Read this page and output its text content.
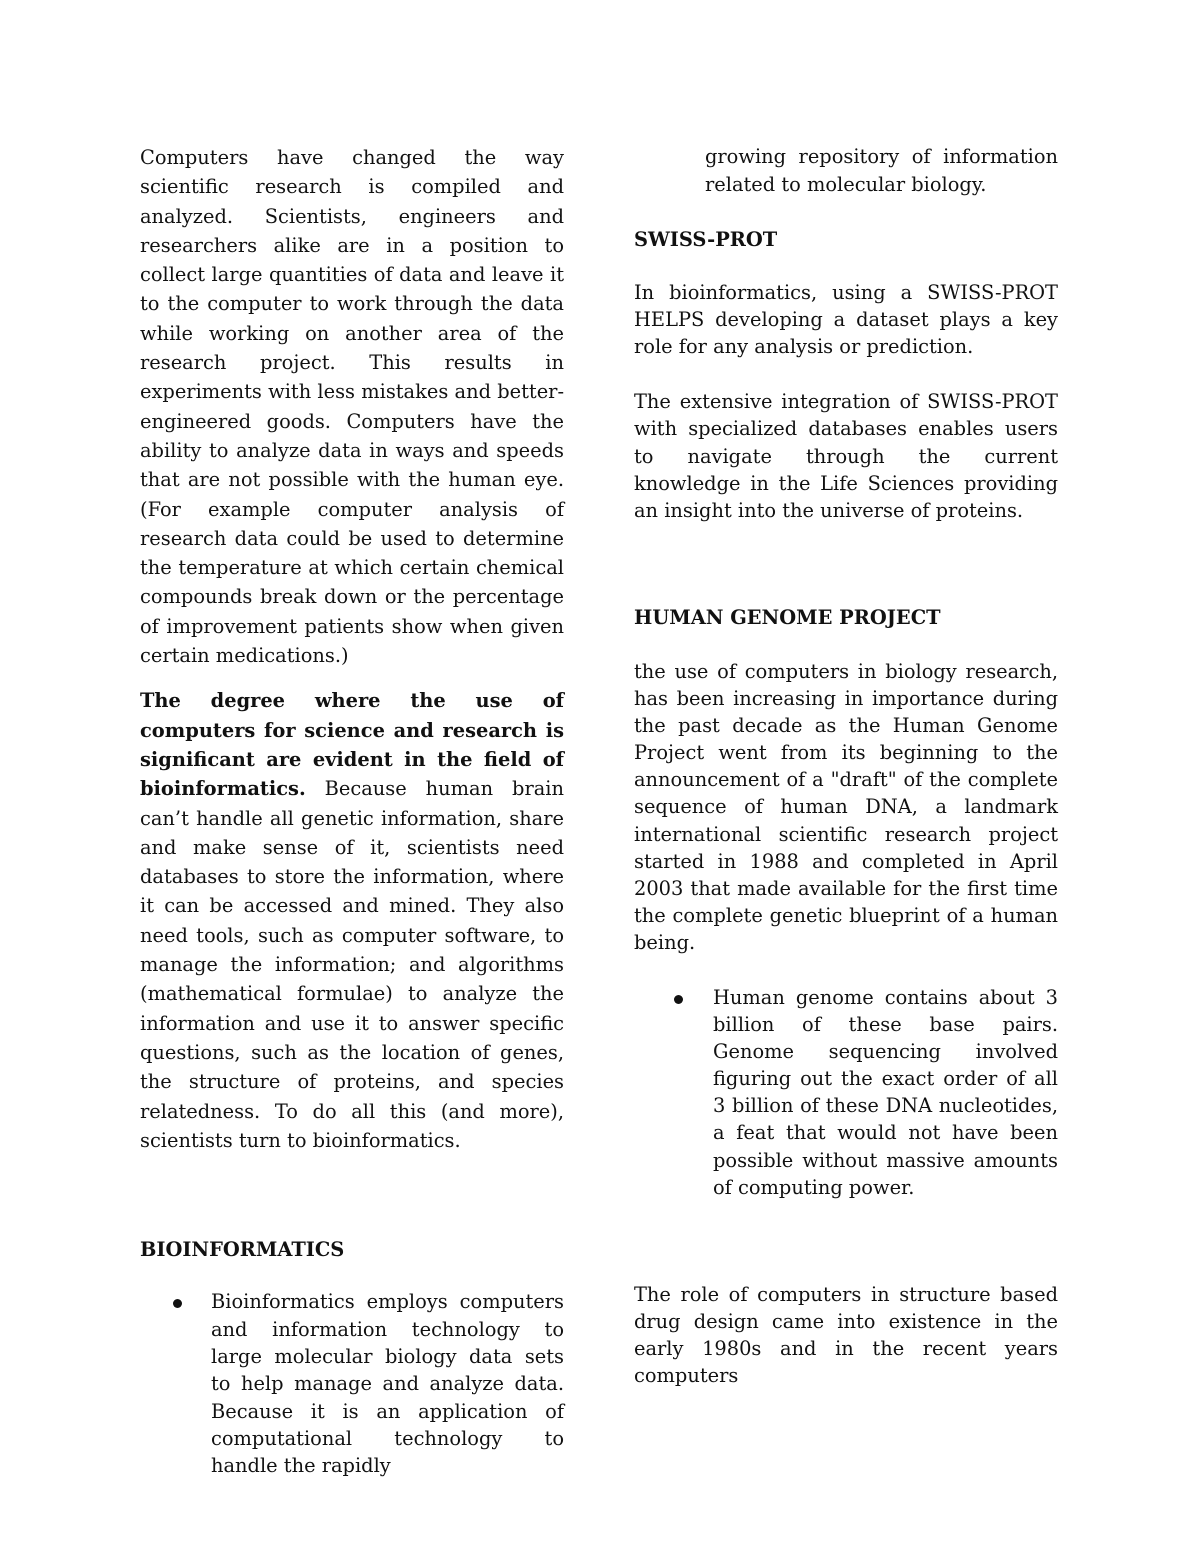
Computers have changed the way scientific research is compiled and analyzed. Scientists, engineers and researchers alike are in a position to collect large quantities of data and leave it to the computer to work through the data while working on another area of the research project. This results in experiments with less mistakes and better-engineered goods. Computers have the ability to analyze data in ways and speeds that are not possible with the human eye. (For example computer analysis of research data could be used to determine the temperature at which certain chemical compounds break down or the percentage of improvement patients show when given certain medications.)

The degree where the use of computers for science and research is significant are evident in the field of bioinformatics. Because human brain can’t handle all genetic information, share and make sense of it, scientists need databases to store the information, where it can be accessed and mined. They also need tools, such as computer software, to manage the information; and algorithms (mathematical formulae) to analyze the information and use it to answer specific questions, such as the location of genes, the structure of proteins, and species relatedness. To do all this (and more), scientists turn to bioinformatics.

BIOINFORMATICS

Bioinformatics employs computers and information technology to large molecular biology data sets to help manage and analyze data. Because it is an application of computational technology to handle the rapidly

growing repository of information related to molecular biology.

SWISS-PROT

In bioinformatics, using a SWISS-PROT HELPS developing a dataset plays a key role for any analysis or prediction.

The extensive integration of SWISS-PROT with specialized databases enables users to navigate through the current knowledge in the Life Sciences providing an insight into the universe of proteins.

HUMAN GENOME PROJECT

the use of computers in biology research, has been increasing in importance during the past decade as the Human Genome Project went from its beginning to the announcement of a "draft" of the complete sequence of human DNA, a landmark international scientific research project started in 1988 and completed in April 2003 that made available for the first time the complete genetic blueprint of a human being.

Human genome contains about 3 billion of these base pairs. Genome sequencing involved figuring out the exact order of all 3 billion of these DNA nucleotides, a feat that would not have been possible without massive amounts of computing power.

The role of computers in structure based drug design came into existence in the early 1980s and in the recent years computers
